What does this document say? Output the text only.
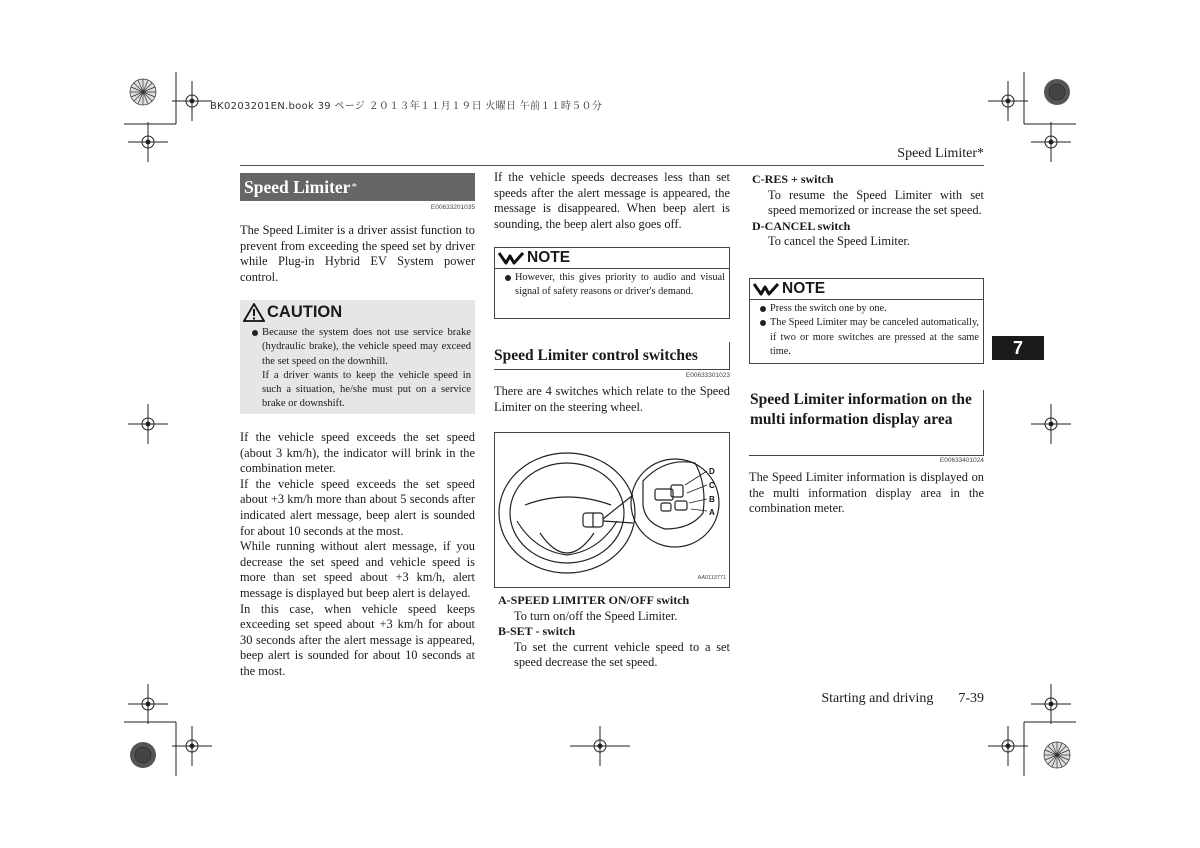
BK0203201EN.book 39 ページ ２０１３年１１月１９日 火曜日 午前１１時５０分
Speed Limiter*
7
Speed Limiter*
E00633201035
The Speed Limiter is a driver assist function to prevent from exceeding the speed set by driver while Plug-in Hybrid EV System power control.
CAUTION
Because the system does not use service brake (hydraulic brake), the vehicle speed may exceed the set speed on the downhill.
If a driver wants to keep the vehicle speed in such a situation, he/she must put on a service brake or downshift.

If the vehicle speed exceeds the set speed (about 3 km/h), the indicator will brink in the combination meter.

If the vehicle speed exceeds the set speed about +3 km/h more than about 5 seconds after indicated alert message, beep alert is sounded for about 10 seconds at the most.

While running without alert message, if you decrease the set speed and vehicle speed is more than set speed about +3 km/h, alert message is displayed but beep alert is delayed.

In this case, when vehicle speed keeps exceeding set speed about +3 km/h for about 30 seconds after the alert message is appeared, beep alert is sounded for about 10 seconds at the most.

If the vehicle speeds decreases less than set speeds after the alert message is appeared, the message is disappeared. When beep alert is sounding, the beep alert also goes off.
NOTE
However, this gives priority to audio and visual signal of safety reasons or driver's demand.
Speed Limiter control switches
E00633301023
There are 4 switches which relate to the Speed Limiter on the steering wheel.
D
C
B
A
AA0113771
A-SPEED LIMITER ON/OFF switch
To turn on/off the Speed Limiter.
B-SET - switch
To set the current vehicle speed to a set speed decrease the set speed.
C-RES + switch
To resume the Speed Limiter with set speed memorized or increase the set speed.
D-CANCEL switch
To cancel the Speed Limiter.
NOTE
Press the switch one by one.
The Speed Limiter may be canceled automatically, if two or more switches are pressed at the same time.
Speed Limiter information on the multi information display area
E00633401024
The Speed Limiter information is displayed on the multi information display area in the combination meter.
Starting and driving 7-39
